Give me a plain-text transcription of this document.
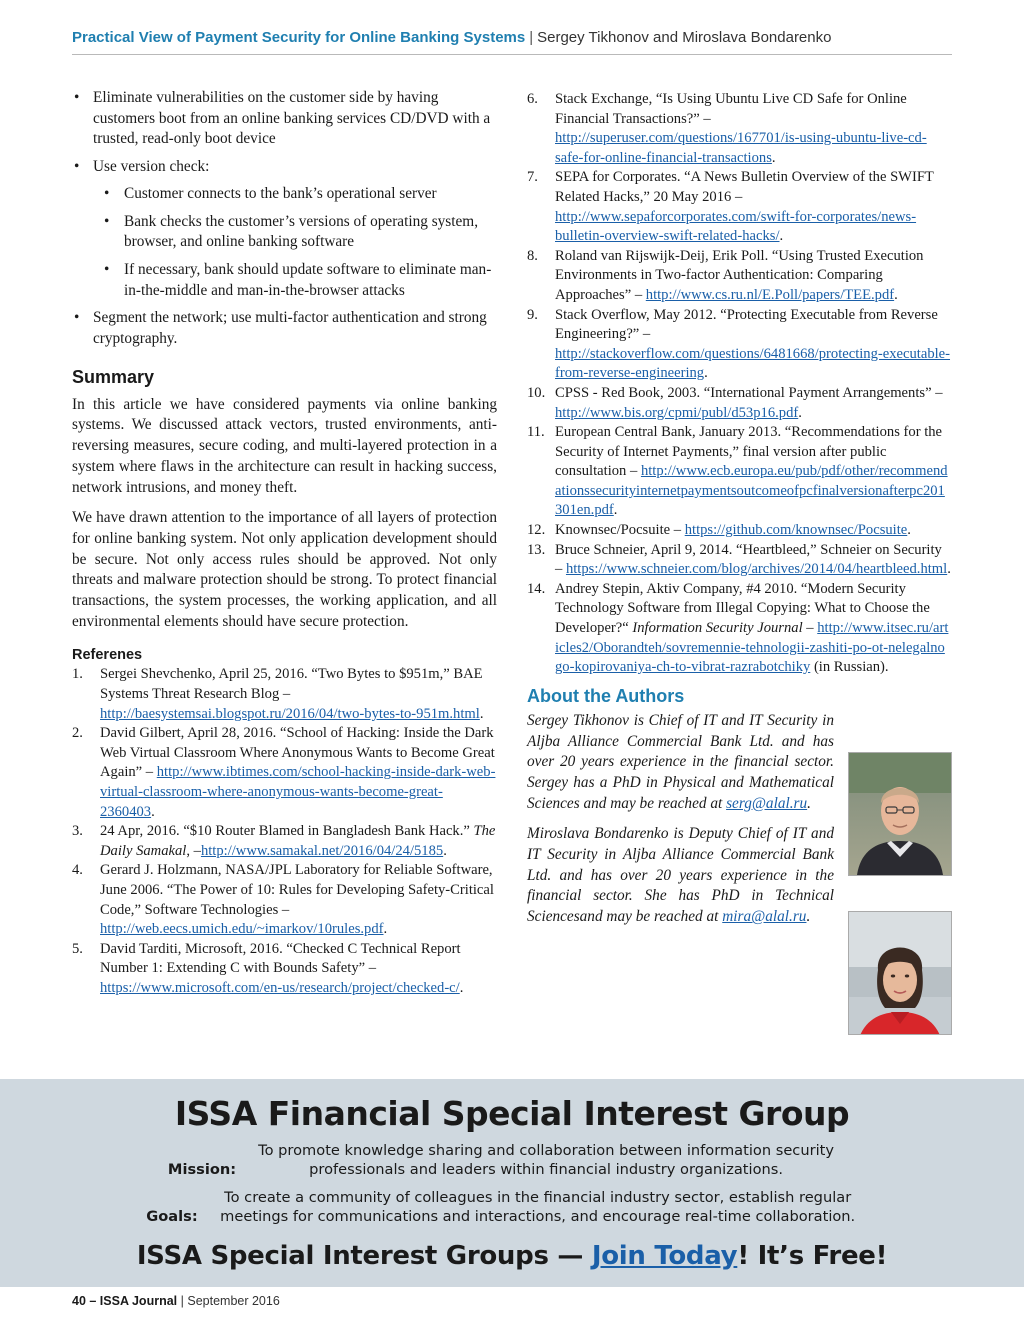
Practical View of Payment Security for Online Banking Systems | Sergey Tikhonov and Miroslava Bondarenko
• Eliminate vulnerabilities on the customer side by having customers boot from an online banking services CD/DVD with a trusted, read-only boot device
• Use version check:
• Customer connects to the bank’s operational server
• Bank checks the customer’s versions of operating system, browser, and online banking software
• If necessary, bank should update software to eliminate man-in-the-middle and man-in-the-browser attacks
• Segment the network; use multi-factor authentication and strong cryptography.
Summary

In this article we have considered payments via online banking systems. We discussed attack vectors, trusted environments, anti-reversing measures, secure coding, and multi-layered protection in a system where flaws in the architecture can result in hacking success, network intrusions, and money theft.

We have drawn attention to the importance of all layers of protection for online banking system. Not only application development should be secure. Not only access rules should be approved. Not only threats and malware protection should be strong. To protect financial transactions, the system processes, the working application, and all environmental elements should have secure protection.

Referenes
1. Sergei Shevchenko, April 25, 2016. “Two Bytes to $951m,” BAE Systems Threat Research Blog – http://baesystemsai.blogspot.ru/2016/04/two-bytes-to-951m.html.
2. David Gilbert, April 28, 2016. “School of Hacking: Inside the Dark Web Virtual Classroom Where Anonymous Wants to Become Great Again” – http://www.ibtimes.com/school-hacking-inside-dark-web-virtual-classroom-where-anonymous-wants-become-great-2360403.
3. 24 Apr, 2016. “$10 Router Blamed in Bangladesh Bank Hack.” The Daily Samakal, –http://www.samakal.net/2016/04/24/5185.
4. Gerard J. Holzmann, NASA/JPL Laboratory for Reliable Software, June 2006. “The Power of 10: Rules for Developing Safety-Critical Code,” Software Technologies – http://web.eecs.umich.edu/~imarkov/10rules.pdf.
5. David Tarditi, Microsoft, 2016. “Checked C Technical Report Number 1: Extending C with Bounds Safety” – https://www.microsoft.com/en-us/research/project/checked-c/.
6. Stack Exchange, “Is Using Ubuntu Live CD Safe for Online Financial Transactions?” – http://superuser.com/questions/167701/is-using-ubuntu-live-cd-safe-for-online-financial-transactions.
7. SEPA for Corporates. “A News Bulletin Overview of the SWIFT Related Hacks,” 20 May 2016 – http://www.sepaforcorporates.com/swift-for-corporates/news-bulletin-overview-swift-related-hacks/.
8. Roland van Rijswijk-Deij, Erik Poll. “Using Trusted Execution Environments in Two-factor Authentication: Comparing Approaches” – http://www.cs.ru.nl/E.Poll/papers/TEE.pdf.
9. Stack Overflow, May 2012. “Protecting Executable from Reverse Engineering?” –http://stackoverflow.com/questions/6481668/protecting-executable-from-reverse-engineering.
10. CPSS - Red Book, 2003. “International Payment Arrangements” – http://www.bis.org/cpmi/publ/d53p16.pdf.
11. European Central Bank, January 2013. “Recommendations for the Security of Internet Payments,” final version after public consultation – http://www.ecb.europa.eu/pub/pdf/other/recommendationssecurityinternetpaymentsoutcomeofpcfinalversionafterpc201301en.pdf.
12. Knownsec/Pocsuite – https://github.com/knownsec/Pocsuite.
13. Bruce Schneier, April 9, 2014. “Heartbleed,” Schneier on Security – https://www.schneier.com/blog/archives/2014/04/heartbleed.html.
14. Andrey Stepin, Aktiv Company, #4 2010. “Modern Security Technology Software from Illegal Copying: What to Choose the Developer?“ Information Security Journal – http://www.itsec.ru/articles2/Oborandteh/sovremennie-tehnologii-zashiti-po-ot-nelegalnogo-kopirovaniya-ch-to-vibrat-razrabotchiky (in Russian).
About the Authors

Sergey Tikhonov is Chief of IT and IT Security in Aljba Alliance Commercial Bank Ltd. and has over 20 years experience in the financial sector. Sergey has a PhD in Physical and Mathematical Sciences and may be reached at serg@alal.ru.

Miroslava Bondarenko is Deputy Chief of IT and IT Security in Aljba Alliance Commercial Bank Ltd. and has over 20 years experience in the financial sector. She has PhD in Technical Sciencesand may be reached at mira@alal.ru.

ISSA Financial Special Interest Group
Mission:To promote knowledge sharing and collaboration between information security professionals and leaders within financial industry organizations.
Goals:To create a community of colleagues in the financial industry sector, establish regular meetings for communications and interactions, and encourage real-time collaboration.
ISSA Special Interest Groups — Join Today! It’s Free!
40 – ISSA Journal | September 2016
